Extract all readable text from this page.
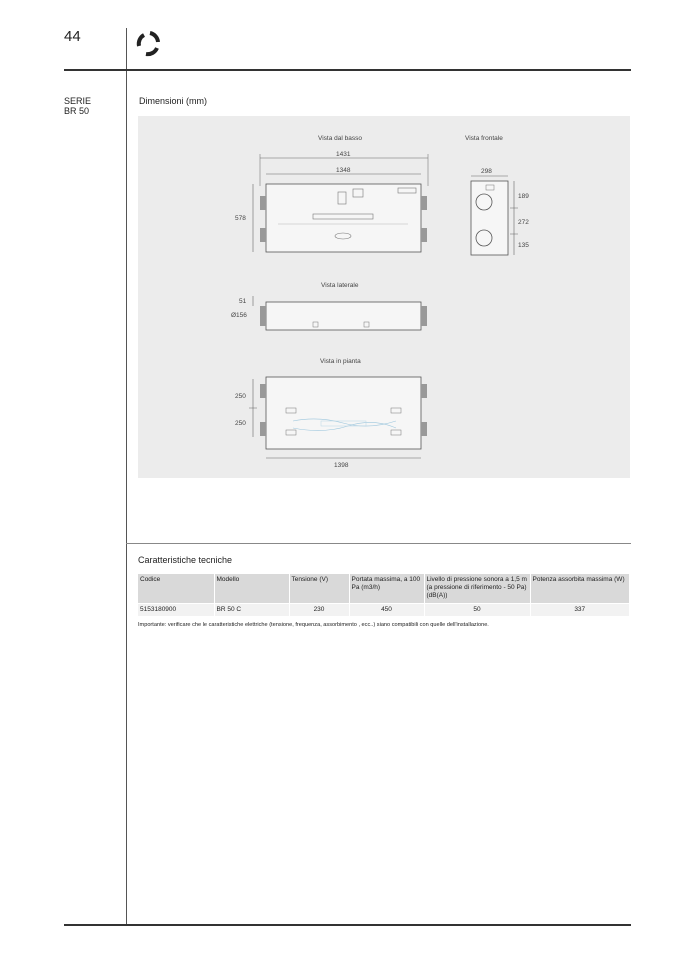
44
SERIE
BR 50
Dimensioni (mm)
Vista dal basso
1431
1348
578
Vista frontale
298
189
272
135
Vista laterale
51
Ø156
Vista in pianta
250
250
1398
Caratteristiche tecniche
Codice	Modello	Tensione (V)	Portata massima, a 100 Pa (m3/h)	Livello di pressione sonora a 1,5 m (a pressione di riferimento - 50 Pa)(dB(A))	Potenza assorbita massima (W)
5153180900	BR 50 C	230	450	50	337
Importante: verificare che le caratteristiche elettriche (tensione, frequenza, assorbimento , ecc..) siano compatibili con quelle dell'installazione.
